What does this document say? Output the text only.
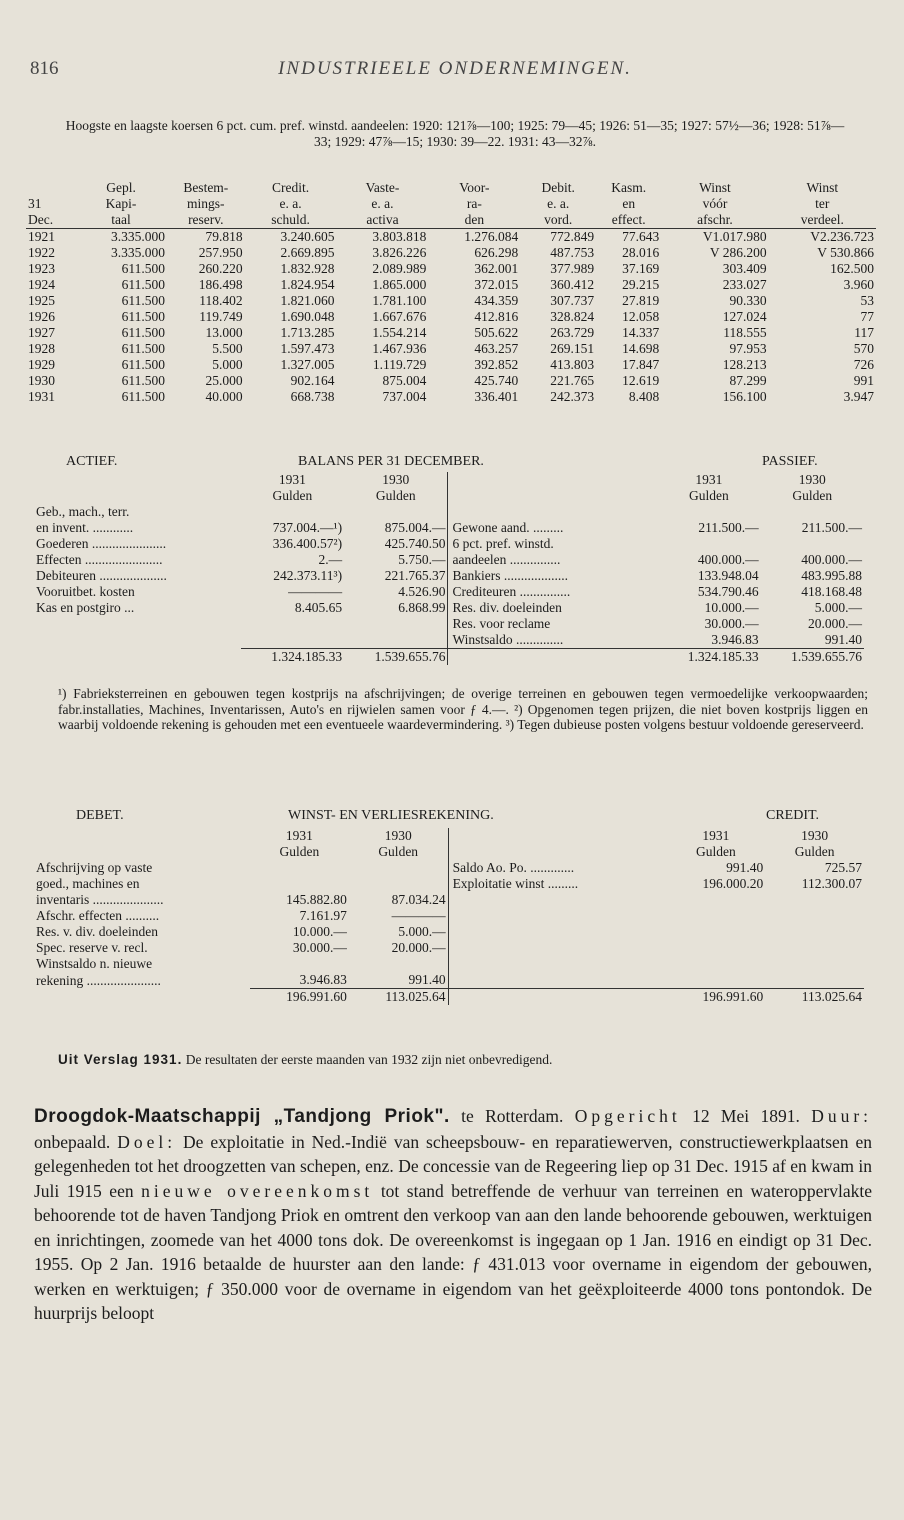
816	INDUSTRIEELE ONDERNEMINGEN.
Hoogste en laagste koersen 6 pct. cum. pref. winstd. aandeelen: 1920: 121⅞—100; 1925: 79—45; 1926: 51—35; 1927: 57½—36; 1928: 51⅞—33; 1929: 47⅞—15; 1930: 39—22. 1931: 43—32⅞.
	Gepl.	Bestem-	Credit.	Vaste-	Voor-	Debit.	Kasm.	Winst	Winst
31	Kapi-	mings-	e. a.	e. a.	ra-	e. a.	en	vóór	ter
Dec.	taal	reserv.	schuld.	activa	den	vord.	effect.	afschr.	verdeel.
1921	3.335.000	79.818	3.240.605	3.803.818	1.276.084	772.849	77.643	V1.017.980	V2.236.723
1922	3.335.000	257.950	2.669.895	3.826.226	626.298	487.753	28.016	V 286.200	V 530.866
1923	611.500	260.220	1.832.928	2.089.989	362.001	377.989	37.169	303.409	162.500
1924	611.500	186.498	1.824.954	1.865.000	372.015	360.412	29.215	233.027	3.960
1925	611.500	118.402	1.821.060	1.781.100	434.359	307.737	27.819	90.330	53
1926	611.500	119.749	1.690.048	1.667.676	412.816	328.824	12.058	127.024	77
1927	611.500	13.000	1.713.285	1.554.214	505.622	263.729	14.337	118.555	117
1928	611.500	5.500	1.597.473	1.467.936	463.257	269.151	14.698	97.953	570
1929	611.500	5.000	1.327.005	1.119.729	392.852	413.803	17.847	128.213	726
1930	611.500	25.000	902.164	875.004	425.740	221.765	12.619	87.299	991
1931	611.500	40.000	668.738	737.004	336.401	242.373	8.408	156.100	3.947
ACTIEF.	BALANS PER 31 DECEMBER.	PASSIEF.
	1931	1930		1931	1930
	Gulden	Gulden		Gulden	Gulden
Geb., mach., terr.					
en invent. ............	737.004.—¹)	875.004.—	Gewone aand. .........	211.500.—	211.500.—
Goederen ......................	336.400.57²)	425.740.50	6 pct. pref. winstd.		
Effecten .......................	2.—	5.750.—	aandeelen ...............	400.000.—	400.000.—
Debiteuren ....................	242.373.11³)	221.765.37	Bankiers ...................	133.948.04	483.995.88
Vooruitbet. kosten	————	4.526.90	Crediteuren ...............	534.790.46	418.168.48
Kas en postgiro ...	8.405.65	6.868.99	Res. div. doeleinden	10.000.—	5.000.—
			Res. voor reclame	30.000.—	20.000.—
			Winstsaldo ..............	3.946.83	991.40
	1.324.185.33	1.539.655.76		1.324.185.33	1.539.655.76
¹) Fabrieksterreinen en gebouwen tegen kostprijs na afschrijvingen; de overige terreinen en gebouwen tegen vermoedelijke verkoopwaarden; fabr.installaties, Machines, Inventarissen, Auto's en rijwielen samen voor ƒ 4.—. ²) Opgenomen tegen prijzen, die niet boven kostprijs liggen en waarbij voldoende rekening is gehouden met een eventueele waardevermindering. ³) Tegen dubieuse posten volgens bestuur voldoende gereserveerd.
DEBET.	WINST- EN VERLIESREKENING.	CREDIT.
	1931	1930		1931	1930
	Gulden	Gulden		Gulden	Gulden
Afschrijving op vaste			Saldo Ao. Po. .............	991.40	725.57
goed., machines en			Exploitatie winst .........	196.000.20	112.300.07
inventaris .....................	145.882.80	87.034.24			
Afschr. effecten ..........	7.161.97	————			
Res. v. div. doeleinden	10.000.—	5.000.—			
Spec. reserve v. recl.	30.000.—	20.000.—			
Winstsaldo n. nieuwe					
rekening ......................	3.946.83	991.40			
	196.991.60	113.025.64		196.991.60	113.025.64
Uit Verslag 1931. De resultaten der eerste maanden van 1932 zijn niet onbevredigend.
Droogdok-Maatschappij „Tandjong Priok". te Rotterdam. Opgericht 12 Mei 1891. Duur: onbepaald. Doel: De exploitatie in Ned.-Indië van scheepsbouw- en reparatiewerven, constructiewerkplaatsen en gelegenheden tot het droogzetten van schepen, enz. De concessie van de Regeering liep op 31 Dec. 1915 af en kwam in Juli 1915 een nieuwe overeenkomst tot stand betreffende de verhuur van terreinen en wateroppervlakte behoorende tot de haven Tandjong Priok en omtrent den verkoop van aan den lande behoorende gebouwen, werktuigen en inrichtingen, zoomede van het 4000 tons dok. De overeenkomst is ingegaan op 1 Jan. 1916 en eindigt op 31 Dec. 1955. Op 2 Jan. 1916 betaalde de huurster aan den lande: ƒ 431.013 voor overname in eigendom der gebouwen, werken en werktuigen; ƒ 350.000 voor de overname in eigendom van het geëxploiteerde 4000 tons pontondok. De huurprijs beloopt
